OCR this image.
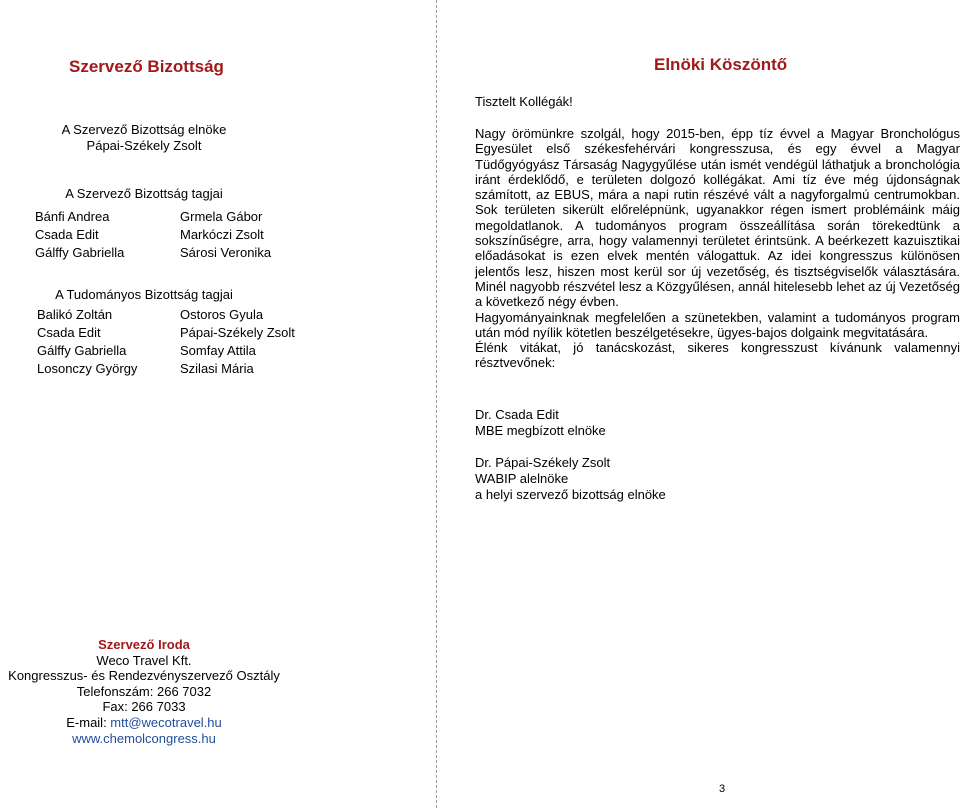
Szervező Bizottság
A Szervező Bizottság elnöke
Pápai-Székely Zsolt
A Szervező Bizottság tagjai
Bánfi Andrea
Csada Edit
Gálffy Gabriella
Grmela Gábor
Markóczi Zsolt
Sárosi Veronika
A Tudományos Bizottság tagjai
Balikó Zoltán
Csada Edit
Gálffy Gabriella
Losonczy György
Ostoros Gyula
Pápai-Székely Zsolt
Somfay Attila
Szilasi Mária
Szervező Iroda
Weco Travel Kft.
Kongresszus- és Rendezvényszervező Osztály
Telefonszám: 266 7032
Fax: 266 7033
E-mail: mtt@wecotravel.hu
www.chemolcongress.hu
Elnöki Köszöntő
Tisztelt Kollégák!

Nagy örömünkre szolgál, hogy 2015-ben, épp tíz évvel a Magyar Bronchológus Egyesület első székesfehérvári kongresszusa, és egy évvel a Magyar Tüdőgyógyász Társaság Nagygyűlése után ismét vendégül láthatjuk a bronchológia iránt érdeklődő, e területen dolgozó kollégákat. Ami tíz éve még újdonságnak számított, az EBUS, mára a napi rutin részévé vált a nagyforgalmú centrumokban. Sok területen sikerült előrelépnünk, ugyanakkor régen ismert problémáink máig megoldatlanok. A tudományos program összeállítása során törekedtünk a sokszínűségre, arra, hogy valamennyi területet érintsünk. A beérkezett kazuisztikai előadásokat is ezen elvek mentén válogattuk. Az idei kongresszus különösen jelentős lesz, hiszen most kerül sor új vezetőség, és tisztségviselők választására. Minél nagyobb részvétel lesz a Közgyűlésen, annál hitelesebb lehet az új Vezetőség a következő négy évben.

Hagyományainknak megfelelően a szünetekben, valamint a tudományos program után mód nyílik kötetlen beszélgetésekre, ügyes-bajos dolgaink megvitatására.

Élénk vitákat, jó tanácskozást, sikeres kongresszust kívánunk valamennyi résztvevőnek:

Dr. Csada Edit
MBE megbízott elnöke
Dr. Pápai-Székely Zsolt
WABIP alelnöke
a helyi szervező bizottság elnöke
3
